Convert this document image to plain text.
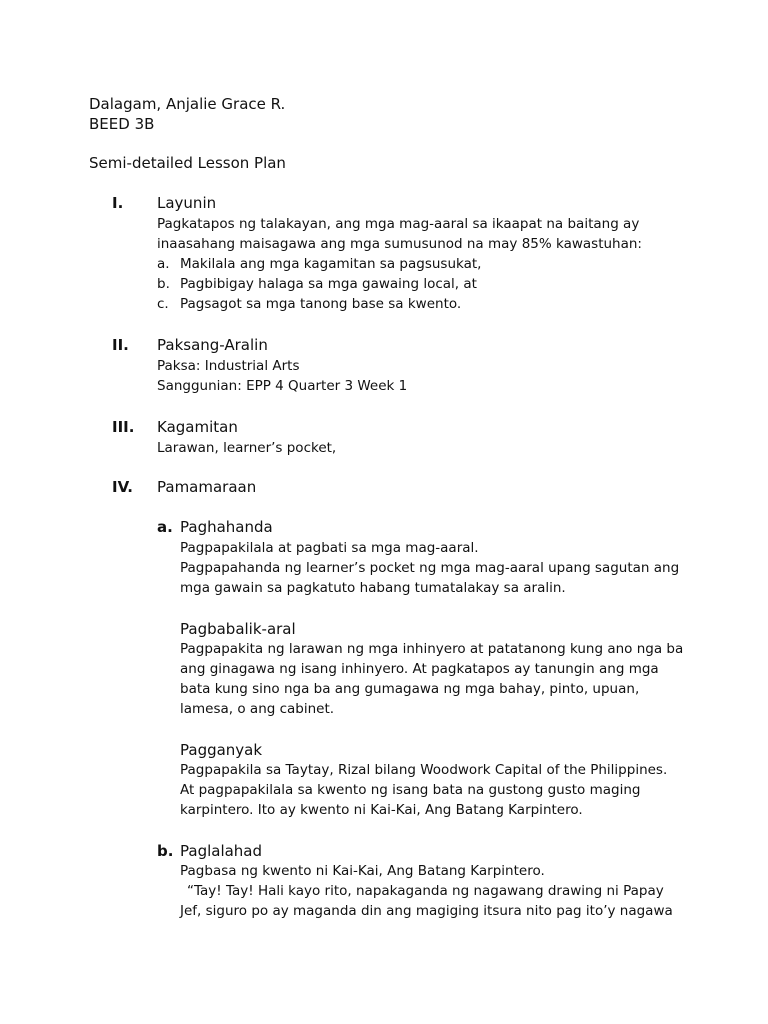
Dalagam, Anjalie Grace R.
BEED 3B
Semi-detailed Lesson Plan
I. Layunin
Pagkatapos ng talakayan, ang mga mag-aaral sa ikaapat na baitang ay
inaasahang maisagawa ang mga sumusunod na may 85% kawastuhan:
a. Makilala ang mga kagamitan sa pagsusukat,
b. Pagbibigay halaga sa mga gawaing local, at
c. Pagsagot sa mga tanong base sa kwento.
II. Paksang-Aralin
Paksa: Industrial Arts
Sanggunian: EPP 4 Quarter 3 Week 1
III. Kagamitan
Larawan, learner’s pocket,
IV. Pamamaraan
a. Paghahanda
Pagpapakilala at pagbati sa mga mag-aaral.
Pagpapahanda ng learner’s pocket ng mga mag-aaral upang sagutan ang
mga gawain sa pagkatuto habang tumatalakay sa aralin.
Pagbabalik-aral
Pagpapakita ng larawan ng mga inhinyero at patatanong kung ano nga ba
ang ginagawa ng isang inhinyero. At pagkatapos ay tanungin ang mga
bata kung sino nga ba ang gumagawa ng mga bahay, pinto, upuan,
lamesa, o ang cabinet.
Pagganyak
Pagpapakila sa Taytay, Rizal bilang Woodwork Capital of the Philippines.
At pagpapakilala sa kwento ng isang bata na gustong gusto maging
karpintero. Ito ay kwento ni Kai-Kai, Ang Batang Karpintero.
b. Paglalahad
Pagbasa ng kwento ni Kai-Kai, Ang Batang Karpintero.
“Tay! Tay! Hali kayo rito, napakaganda ng nagawang drawing ni Papay
Jef, siguro po ay maganda din ang magiging itsura nito pag ito’y nagawa
